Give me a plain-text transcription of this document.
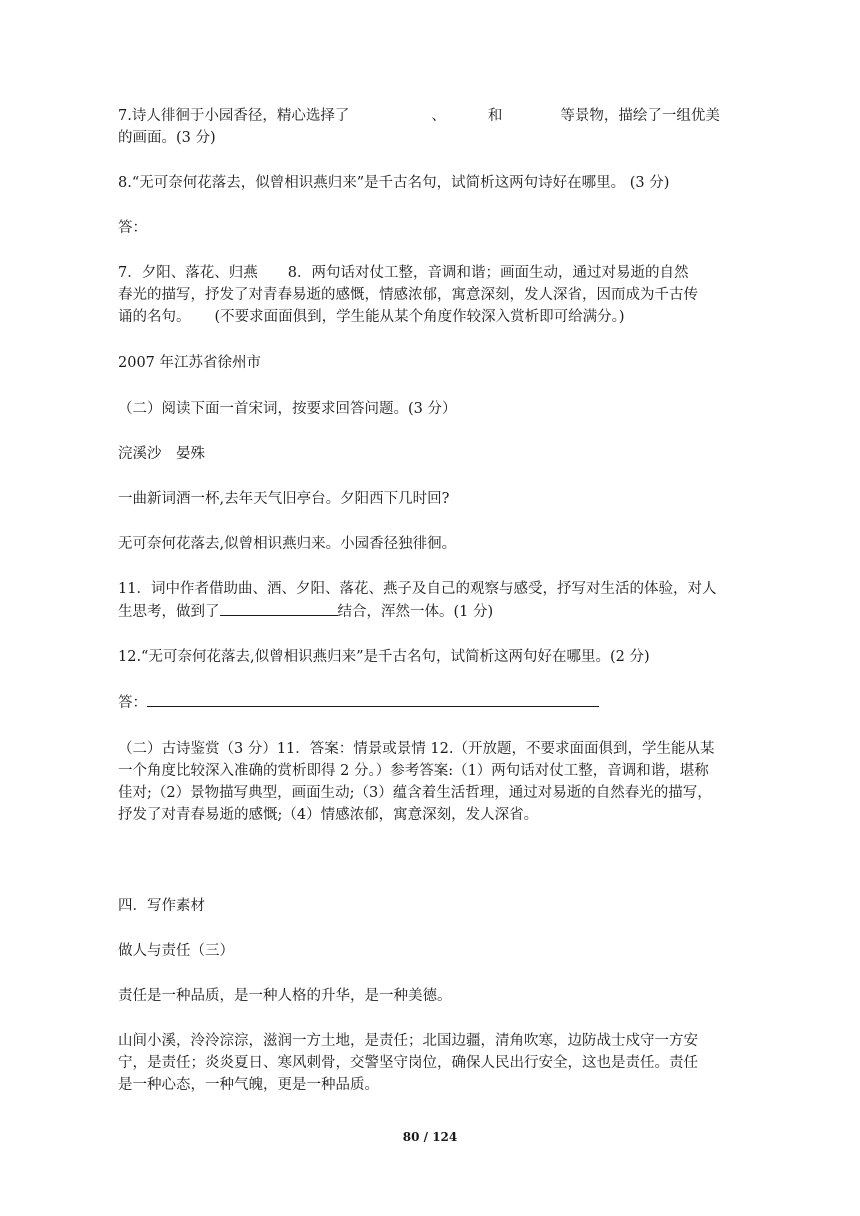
7.诗人徘徊于小园香径，精心选择了	、	和	等景物，描绘了一组优美
的画面。(3 分)

8.“无可奈何花落去，似曾相识燕归来”是千古名句，试简析这两句诗好在哪里。 (3 分)

答：

7．夕阳、落花、归燕 8．两句话对仗工整，音调和谐；画面生动，通过对易逝的自然
春光的描写，抒发了对青春易逝的感慨，情感浓郁，寓意深刻，发人深省，因而成为千古传
诵的名句。 (不要求面面俱到，学生能从某个角度作较深入赏析即可给满分。)

2007 年江苏省徐州市

（二）阅读下面一首宋词，按要求回答问题。(3 分）

浣溪沙　晏殊

一曲新词酒一杯,去年天气旧亭台。夕阳西下几时回?

无可奈何花落去,似曾相识燕归来。小园香径独徘徊。

11．词中作者借助曲、酒、夕阳、落花、燕子及自己的观察与感受，抒写对生活的体验，对人
生思考，做到了	结合，浑然一体。(1 分)

12.“无可奈何花落去,似曾相识燕归来”是千古名句，试简析这两句好在哪里。(2 分)

答：

（二）古诗鉴赏（3 分）11．答案：情景或景情 12.（开放题，不要求面面俱到，学生能从某
一个角度比较深入准确的赏析即得 2 分。）参考答案:（1）两句话对仗工整，音调和谐，堪称
佳对;（2）景物描写典型，画面生动;（3）蕴含着生活哲理，通过对易逝的自然春光的描写，
抒发了对青春易逝的感慨;（4）情感浓郁，寓意深刻，发人深省。

四．写作素材

做人与责任（三）

责任是一种品质，是一种人格的升华，是一种美德。

山间小溪，泠泠淙淙，滋润一方土地，是责任；北国边疆，清角吹寒，边防战士戍守一方安
宁，是责任；炎炎夏日、寒风刺骨，交警坚守岗位，确保人民出行安全，这也是责任。责任
是一种心态，一种气魄，更是一种品质。

80 / 124
